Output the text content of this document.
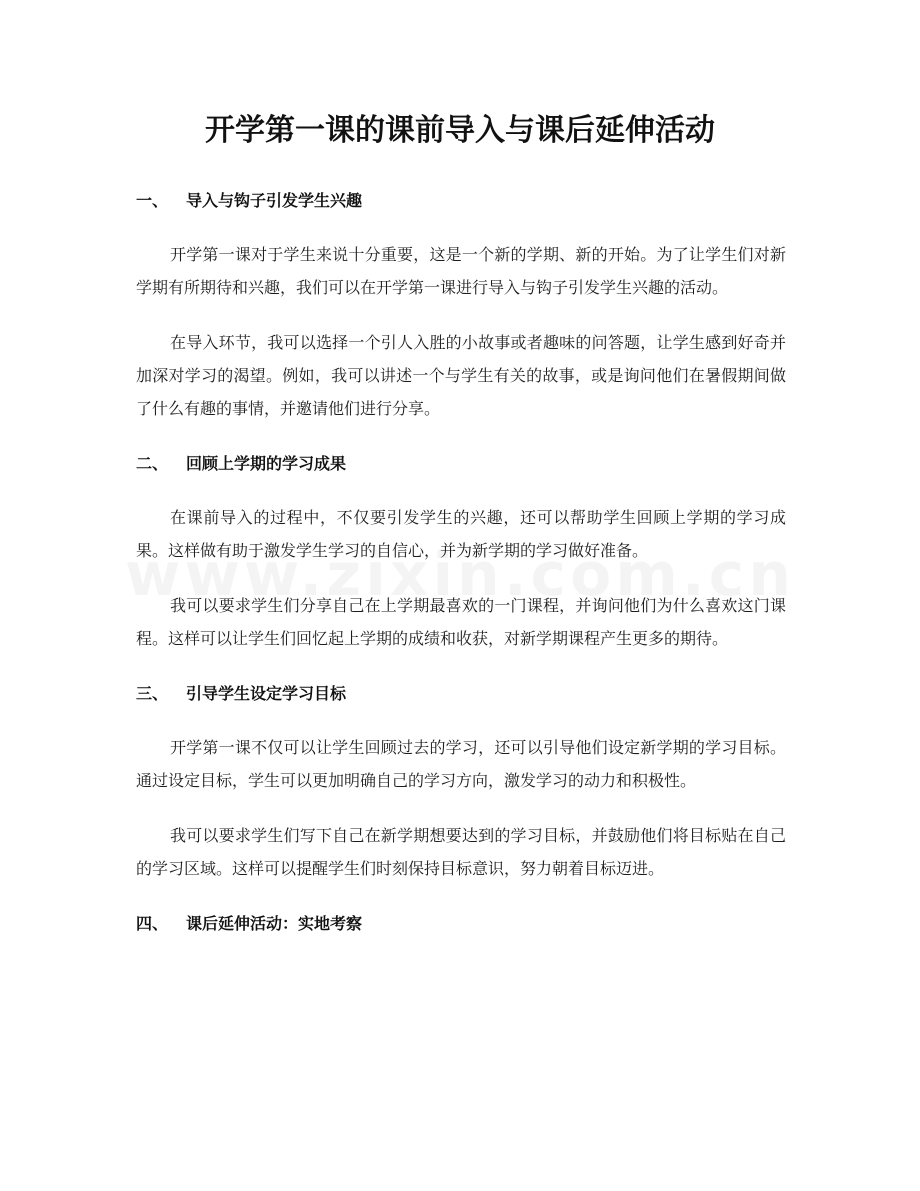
开学第一课的课前导入与课后延伸活动
一、	导入与钩子引发学生兴趣

开学第一课对于学生来说十分重要，这是一个新的学期、新的开始。为了让学生们对新学期有所期待和兴趣，我们可以在开学第一课进行导入与钩子引发学生兴趣的活动。

在导入环节，我可以选择一个引人入胜的小故事或者趣味的问答题，让学生感到好奇并加深对学习的渴望。例如，我可以讲述一个与学生有关的故事，或是询问他们在暑假期间做了什么有趣的事情，并邀请他们进行分享。

二、	回顾上学期的学习成果

在课前导入的过程中，不仅要引发学生的兴趣，还可以帮助学生回顾上学期的学习成果。这样做有助于激发学生学习的自信心，并为新学期的学习做好准备。

我可以要求学生们分享自己在上学期最喜欢的一门课程，并询问他们为什么喜欢这门课程。这样可以让学生们回忆起上学期的成绩和收获，对新学期课程产生更多的期待。

三、	引导学生设定学习目标

开学第一课不仅可以让学生回顾过去的学习，还可以引导他们设定新学期的学习目标。通过设定目标，学生可以更加明确自己的学习方向，激发学习的动力和积极性。

我可以要求学生们写下自己在新学期想要达到的学习目标，并鼓励他们将目标贴在自己的学习区域。这样可以提醒学生们时刻保持目标意识，努力朝着目标迈进。

四、	课后延伸活动：实地考察
